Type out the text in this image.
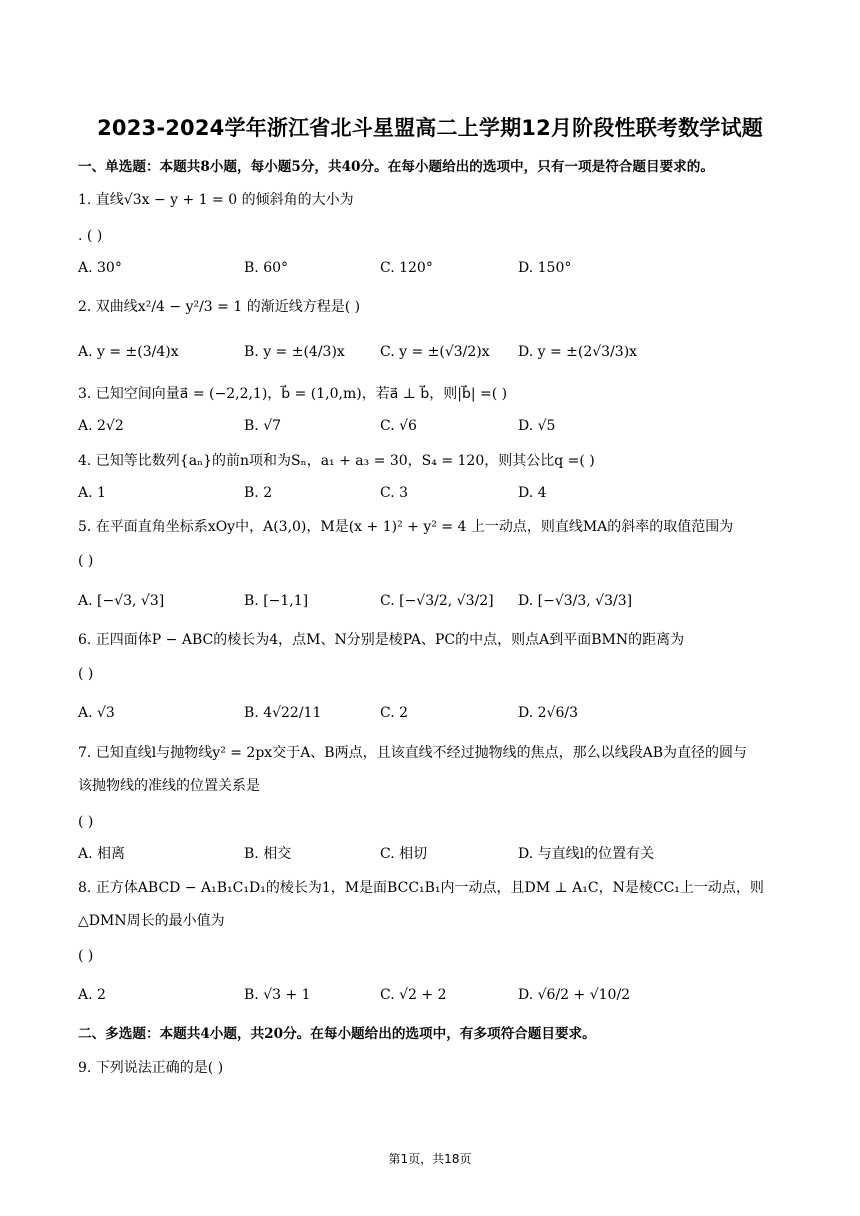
2023-2024学年浙江省北斗星盟高二上学期12月阶段性联考数学试题
一、单选题：本题共8小题，每小题5分，共40分。在每小题给出的选项中，只有一项是符合题目要求的。
1. 直线√3x − y + 1 = 0 的倾斜角的大小为
. ( )
A. 30°	B. 60°	C. 120°	D. 150°
2. 双曲线x²/4 − y²/3 = 1 的渐近线方程是( )
A. y = ±(3/4)x	B. y = ±(4/3)x	C. y = ±(√3/2)x D. y = ±(2√3/3)x
3. 已知空间向量a⃗ = (−2,2,1)，b⃗ = (1,0,m)，若a⃗ ⊥ b⃗，则|b⃗| =( )
A. 2√2	B. √7	C. √6	D. √5
4. 已知等比数列{aₙ}的前n项和为Sₙ，a₁ + a₃ = 30，S₄ = 120，则其公比q =( )
A. 1	B. 2	C. 3	D. 4
5. 在平面直角坐标系xOy中，A(3,0)，M是(x + 1)² + y² = 4 上一动点，则直线MA的斜率的取值范围为
( )
A. [−√3, √3]	B. [−1,1]	C. [−√3/2, √3/2] D. [−√3/3, √3/3]
6. 正四面体P − ABC的棱长为4，点M、N分别是棱PA、PC的中点，则点A到平面BMN的距离为
( )
A. √3	B. 4√22/11	C. 2	D. 2√6/3
7. 已知直线l与抛物线y² = 2px交于A、B两点，且该直线不经过抛物线的焦点，那么以线段AB为直径的圆与
该抛物线的准线的位置关系是
( )
A. 相离	B. 相交	C. 相切	D. 与直线l的位置有关
8. 正方体ABCD − A₁B₁C₁D₁的棱长为1，M是面BCC₁B₁内一动点，且DM ⊥ A₁C，N是棱CC₁上一动点，则
△DMN周长的最小值为
( )
A. 2	B. √3 + 1	C. √2 + 2	D. √6/2 + √10/2
二、多选题：本题共4小题，共20分。在每小题给出的选项中，有多项符合题目要求。
9. 下列说法正确的是( )
第1页，共18页
